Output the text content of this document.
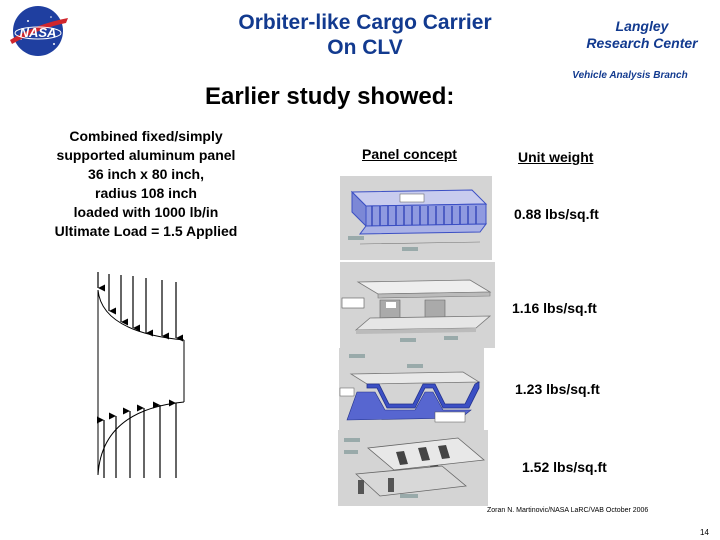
NASA	Orbiter-like Cargo Carrier
On CLV
Langley
Research Center
Vehicle Analysis Branch
Earlier study showed:
Combined fixed/simply
supported aluminum panel
36 inch x 80 inch,
radius 108 inch
loaded with 1000 lb/in
Ultimate Load = 1.5 Applied
Panel concept	Unit weight
0.88 lbs/sq.ft
1.16 lbs/sq.ft
1.23 lbs/sq.ft
1.52 lbs/sq.ft
Zoran N. Martinovic/NASA LaRC/VAB October 2006
14
